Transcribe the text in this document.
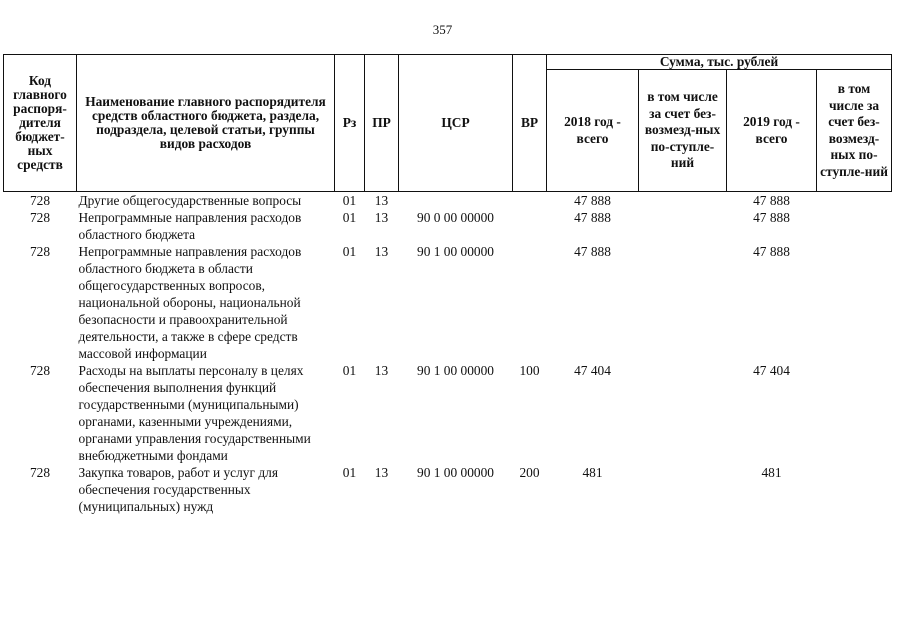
357
Код главного распоря-дителя бюджет-ных средств	Наименование главного распорядителя средств областного бюджета, раздела, подраздела, целевой статьи, группы видов расходов	Рз	ПР	ЦСР	ВР	Сумма, тыс. рублей			
						2018 год - всего	в том числе за счет без-возмезд-ных по-ступле-ний	2019 год - всего	в том числе за счет без-возмезд-ных по-ступле-ний
728	Другие общегосударственные вопросы	01	13			47 888		47 888	
728	Непрограммные направления расходов областного бюджета	01	13	90 0 00 00000		47 888		47 888	
728	Непрограммные направления расходов областного бюджета в области общегосударственных вопросов, национальной обороны, национальной безопасности и правоохранительной деятельности, а также в сфере средств массовой информации	01	13	90 1 00 00000		47 888		47 888	
728	Расходы на выплаты персоналу в целях обеспечения выполнения функций государственными (муниципальными) органами, казенными учреждениями, органами управления государственными внебюджетными фондами	01	13	90 1 00 00000	100	47 404		47 404	
728	Закупка товаров, работ и услуг для обеспечения государственных (муниципальных) нужд	01	13	90 1 00 00000	200	481		481	
